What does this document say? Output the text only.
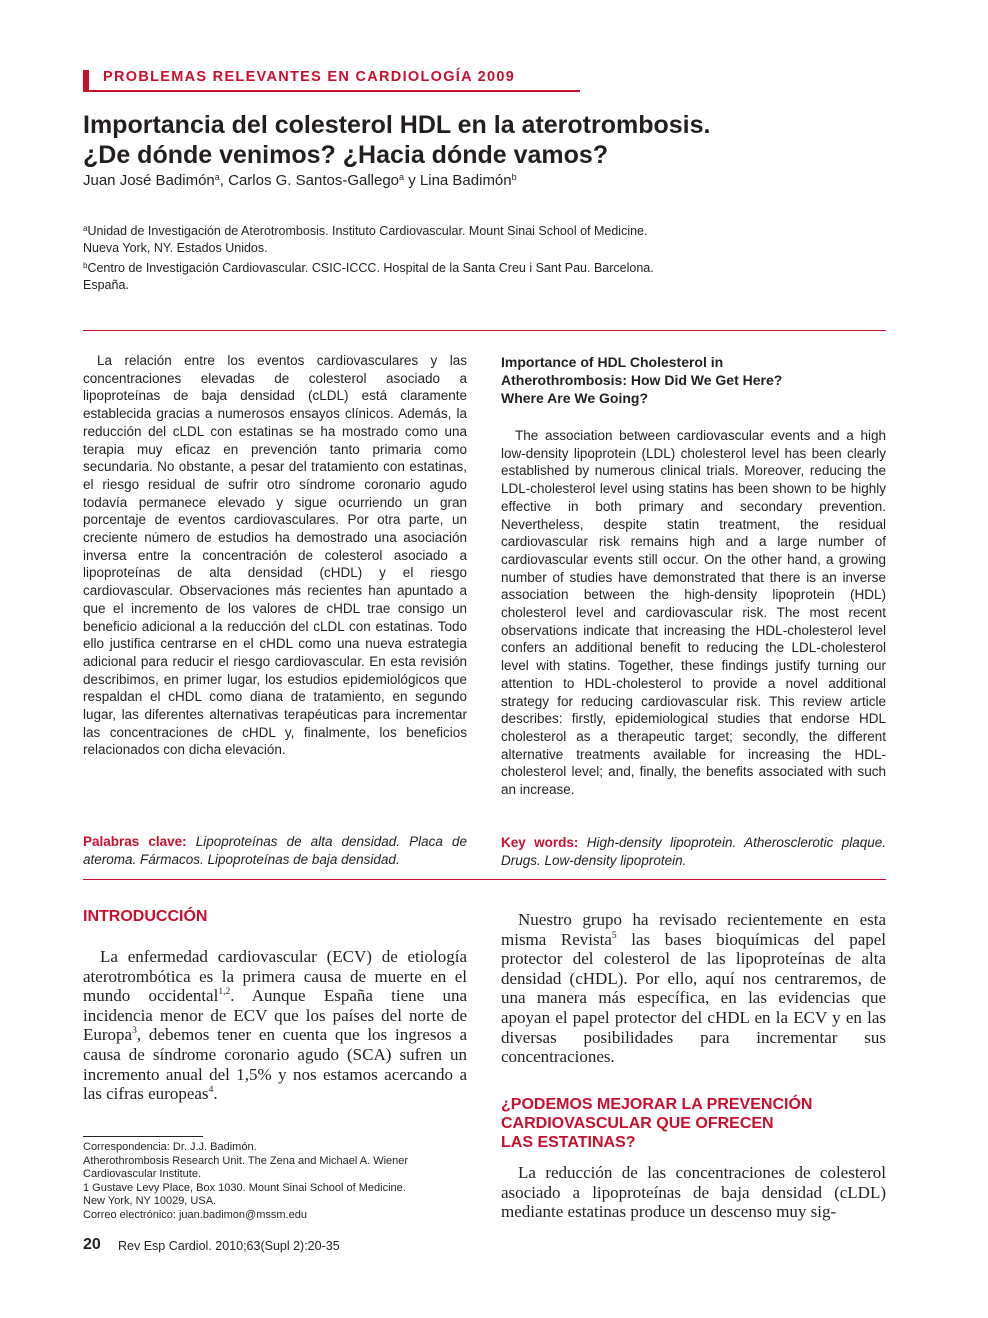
PROBLEMAS RELEVANTES EN CARDIOLOGÍA 2009
Importancia del colesterol HDL en la aterotrombosis.
¿De dónde venimos? ¿Hacia dónde vamos?
Juan José Badimón$^a$, Carlos G. Santos-Gallego$^a$ y Lina Badimón$^b$
$^a$Unidad de Investigación de Aterotrombosis. Instituto Cardiovascular. Mount Sinai School of Medicine.
Nueva York, NY. Estados Unidos.
$^b$Centro de Investigación Cardiovascular. CSIC-ICCC. Hospital de la Santa Creu i Sant Pau. Barcelona.
España.
La relación entre los eventos cardiovasculares y las concentraciones elevadas de colesterol asociado a lipoproteínas de baja densidad (cLDL) está claramente establecida gracias a numerosos ensayos clínicos. Además, la reducción del cLDL con estatinas se ha mostrado como una terapia muy eficaz en prevención tanto primaria como secundaria. No obstante, a pesar del tratamiento con estatinas, el riesgo residual de sufrir otro síndrome coronario agudo todavía permanece elevado y sigue ocurriendo un gran porcentaje de eventos cardiovasculares. Por otra parte, un creciente número de estudios ha demostrado una asociación inversa entre la concentración de colesterol asociado a lipoproteínas de alta densidad (cHDL) y el riesgo cardiovascular. Observaciones más recientes han apuntado a que el incremento de los valores de cHDL trae consigo un beneficio adicional a la reducción del cLDL con estatinas. Todo ello justifica centrarse en el cHDL como una nueva estrategia adicional para reducir el riesgo cardiovascular. En esta revisión describimos, en primer lugar, los estudios epidemiológicos que respaldan el cHDL como diana de tratamiento, en segundo lugar, las diferentes alternativas terapéuticas para incrementar las concentraciones de cHDL y, finalmente, los beneficios relacionados con dicha elevación.
Importance of HDL Cholesterol in
Atherothrombosis: How Did We Get Here?
Where Are We Going?
The association between cardiovascular events and a high low-density lipoprotein (LDL) cholesterol level has been clearly established by numerous clinical trials. Moreover, reducing the LDL-cholesterol level using statins has been shown to be highly effective in both primary and secondary prevention. Nevertheless, despite statin treatment, the residual cardiovascular risk remains high and a large number of cardiovascular events still occur. On the other hand, a growing number of studies have demonstrated that there is an inverse association between the high-density lipoprotein (HDL) cholesterol level and cardiovascular risk. The most recent observations indicate that increasing the HDL-cholesterol level confers an additional benefit to reducing the LDL-cholesterol level with statins. Together, these findings justify turning our attention to HDL-cholesterol to provide a novel additional strategy for reducing cardiovascular risk. This review article describes: firstly, epidemiological studies that endorse HDL cholesterol as a therapeutic target; secondly, the different alternative treatments available for increasing the HDL-cholesterol level; and, finally, the benefits associated with such an increase.
Palabras clave: Lipoproteínas de alta densidad. Placa de ateroma. Fármacos. Lipoproteínas de baja densidad.
Key words: High-density lipoprotein. Atherosclerotic plaque. Drugs. Low-density lipoprotein.
INTRODUCCIÓN
La enfermedad cardiovascular (ECV) de etiología aterotrombótica es la primera causa de muerte en el mundo occidental$^{1,2}$. Aunque España tiene una incidencia menor de ECV que los países del norte de Europa$^3$, debemos tener en cuenta que los ingresos a causa de síndrome coronario agudo (SCA) sufren un incremento anual del 1,5% y nos estamos acercando a las cifras europeas$^4$.
Nuestro grupo ha revisado recientemente en esta misma Revista$^5$ las bases bioquímicas del papel protector del colesterol de las lipoproteínas de alta densidad (cHDL). Por ello, aquí nos centraremos, de una manera más específica, en las evidencias que apoyan el papel protector del cHDL en la ECV y en las diversas posibilidades para incrementar sus concentraciones.
¿PODEMOS MEJORAR LA PREVENCIÓN
CARDIOVASCULAR QUE OFRECEN
LAS ESTATINAS?
La reducción de las concentraciones de colesterol asociado a lipoproteínas de baja densidad (cLDL) mediante estatinas produce un descenso muy sig-
Correspondencia: Dr. J.J. Badimón.
Atherothrombosis Research Unit. The Zena and Michael A. Wiener
Cardiovascular Institute.
1 Gustave Levy Place, Box 1030. Mount Sinai School of Medicine.
New York, NY 10029, USA.
Correo electrónico: juan.badimon@mssm.edu
20 Rev Esp Cardiol. 2010;63(Supl 2):20-35
